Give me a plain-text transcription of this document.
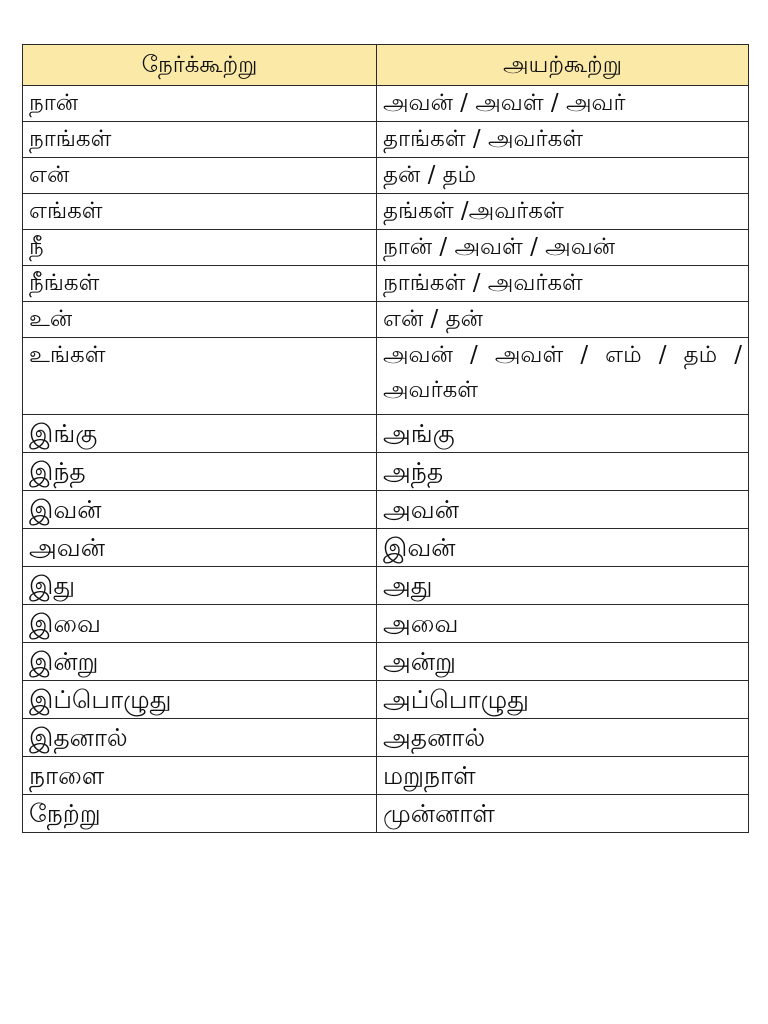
நேர்க்கூற்று	அயற்கூற்று
நான்	அவன் / அவள் / அவர்
நாங்கள்	தாங்கள் / அவர்கள்
என்	தன் / தம்
எங்கள்	தங்கள் /அவர்கள்
நீ	நான் / அவள் / அவன்
நீங்கள்	நாங்கள் / அவர்கள்
உன்	என் / தன்
உங்கள்	அவன் / அவள் / எம் / தம் / அவர்கள்
இங்கு	அங்கு
இந்த	அந்த
இவன்	அவன்
அவன்	இவன்
இது	அது
இவை	அவை
இன்று	அன்று
இப்பொழுது	அப்பொழுது
இதனால்	அதனால்
நாளை	மறுநாள்
நேற்று	முன்னாள்
